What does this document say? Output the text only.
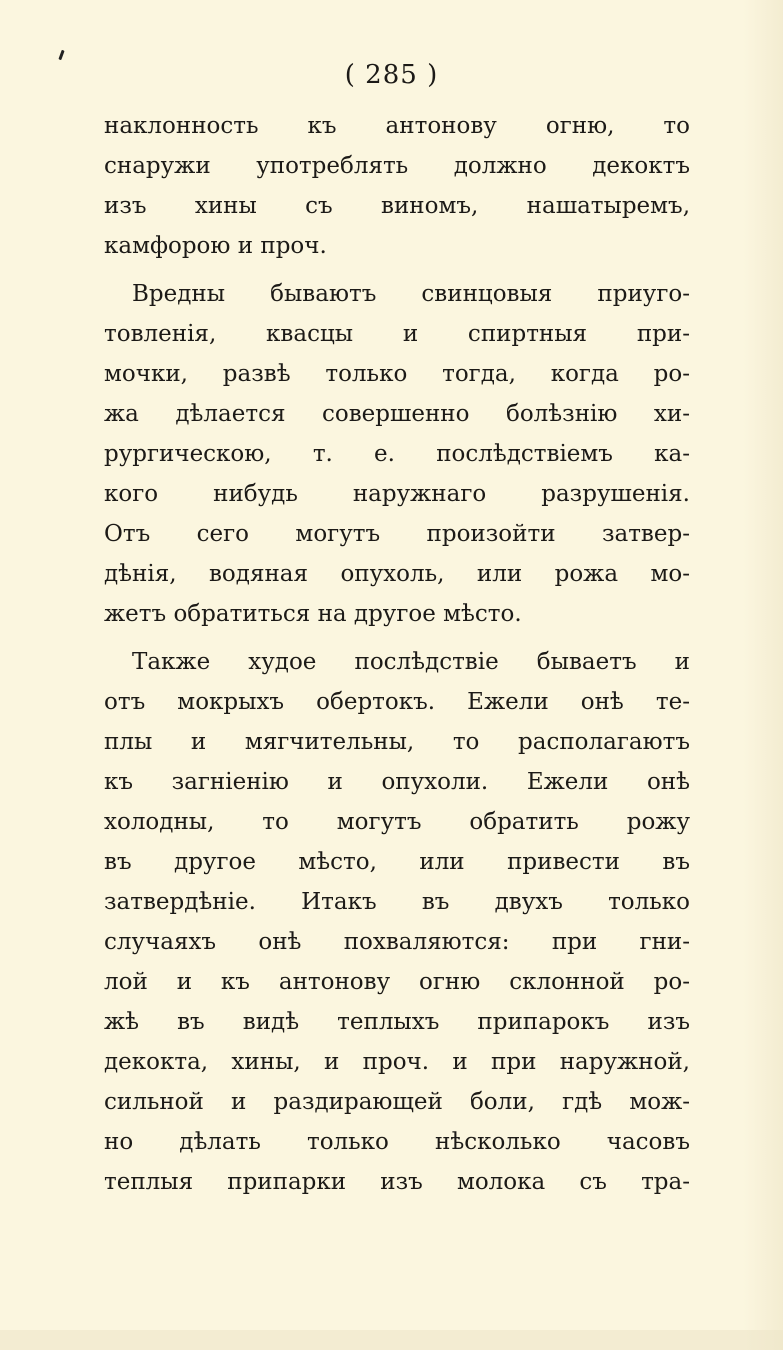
( 285 )
наклонность къ антонову огню, то
снаружи употреблять должно декоктъ
изъ хины съ виномъ, нашатыремъ,
камфорою и проч.
Вредны бываютъ свинцовыя приуго-
товленія, квасцы и спиртныя при-
мочки, развѣ только тогда, когда ро-
жа дѣлается совершенно болѣзнію хи-
рургическою, т. е. послѣдствіемъ ка-
кого нибудь наружнаго разрушенія.
Отъ сего могутъ произойти затвер-
дѣнія, водяная опухоль, или рожа мо-
жетъ обратиться на другое мѣсто.
Также худое послѣдствіе бываетъ и
отъ мокрыхъ обертокъ. Ежели онѣ те-
плы и мягчительны, то располагаютъ
къ загніенію и опухоли. Ежели онѣ
холодны, то могутъ обратить рожу
въ другое мѣсто, или привести въ
затвердѣніе. Итакъ въ двухъ только
случаяхъ онѣ похваляются: при гни-
лой и къ антонову огню склонной ро-
жѣ въ видѣ теплыхъ припарокъ изъ
декокта, хины, и проч. и при наружной,
сильной и раздирающей боли, гдѣ мож-
но дѣлать только нѣсколько часовъ
теплыя припарки изъ молока съ тра-
